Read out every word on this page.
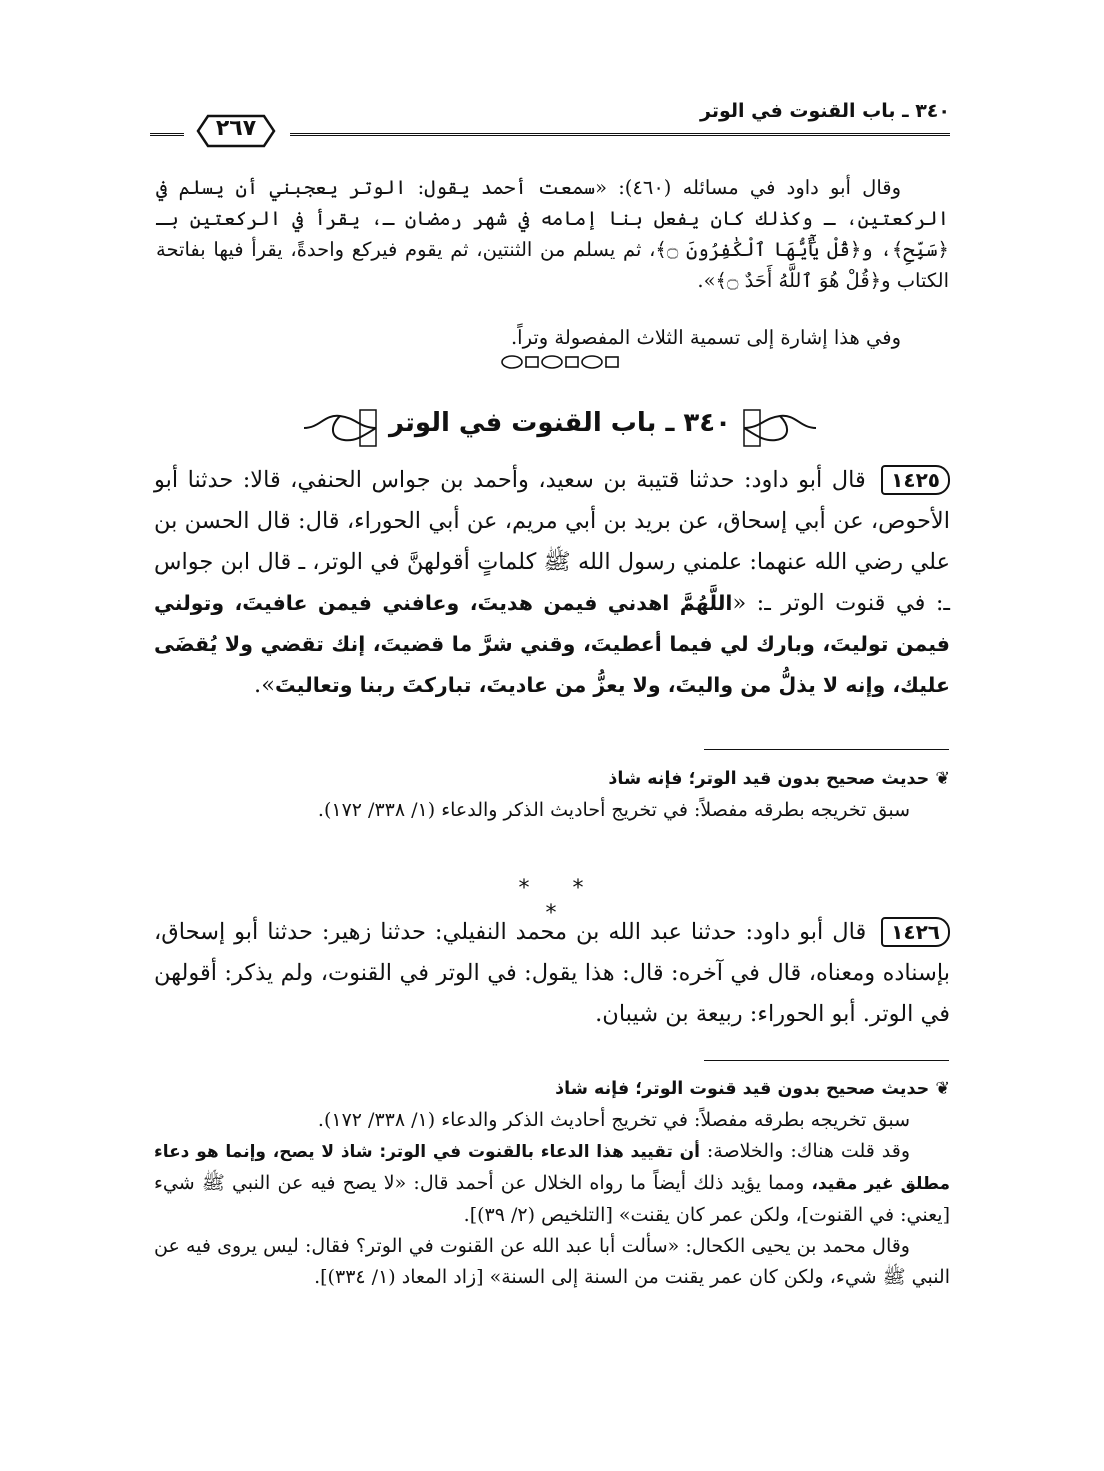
٢٦٧
٣٤٠ ـ باب القنوت في الوتر
وقال أبو داود في مسائله (٤٦٠): «سمعت أحمد يقول: الوتر يعجبني أن يسلم في الركعتين، ـ وكذلك كان يفعل بنا إمامه في شهر رمضان ـ، يقرأ في الركعتين بـ ﴿سَبِّحِ﴾، و﴿قُلْ يَٰٓأَيُّهَا ٱلْكَٰفِرُونَ ۝﴾، ثم يسلم من الثنتين، ثم يقوم فيركع واحدةً، يقرأ فيها بفاتحة الكتاب و﴿قُلْ هُوَ ٱللَّهُ أَحَدٌ ۝﴾».
وفي هذا إشارة إلى تسمية الثلاث المفصولة وتراً.
٣٤٠ ـ باب القنوت في الوتر
١٤٢٥ قال أبو داود: حدثنا قتيبة بن سعيد، وأحمد بن جواس الحنفي، قالا: حدثنا أبو الأحوص، عن أبي إسحاق، عن بريد بن أبي مريم، عن أبي الحوراء، قال: قال الحسن بن علي رضي الله عنهما: علمني رسول الله ﷺ كلماتٍ أقولهنَّ في الوتر، ـ قال ابن جواس ـ: في قنوت الوتر ـ: «اللَّهُمَّ اهدني فيمن هديتَ، وعافني فيمن عافيتَ، وتولني فيمن توليتَ، وبارك لي فيما أعطيتَ، وقني شرَّ ما قضيتَ، إنك تقضي ولا يُقضَى عليك، وإنه لا يذلُّ من واليتَ، ولا يعزُّ من عاديتَ، تباركتَ ربنا وتعاليتَ».
❦ حديث صحيح بدون قيد الوتر؛ فإنه شاذ
سبق تخريجه بطرقه مفصلاً: في تخريج أحاديث الذكر والدعاء (١/ ٣٣٨/ ١٧٢).
* * *
١٤٢٦ قال أبو داود: حدثنا عبد الله بن محمد النفيلي: حدثنا زهير: حدثنا أبو إسحاق، بإسناده ومعناه، قال في آخره: قال: هذا يقول: في الوتر في القنوت، ولم يذكر: أقولهن في الوتر. أبو الحوراء: ربيعة بن شيبان.
❦ حديث صحيح بدون قيد قنوت الوتر؛ فإنه شاذ
سبق تخريجه بطرقه مفصلاً: في تخريج أحاديث الذكر والدعاء (١/ ٣٣٨/ ١٧٢).
وقد قلت هناك: والخلاصة: أن تقييد هذا الدعاء بالقنوت في الوتر: شاذ لا يصح، وإنما هو دعاء مطلق غير مقيد، ومما يؤيد ذلك أيضاً ما رواه الخلال عن أحمد قال: «لا يصح فيه عن النبي ﷺ شيء [يعني: في القنوت]، ولكن عمر كان يقنت» [التلخيص (٢/ ٣٩)].
وقال محمد بن يحيى الكحال: «سألت أبا عبد الله عن القنوت في الوتر؟ فقال: ليس يروى فيه عن النبي ﷺ شيء، ولكن كان عمر يقنت من السنة إلى السنة» [زاد المعاد (١/ ٣٣٤)].
